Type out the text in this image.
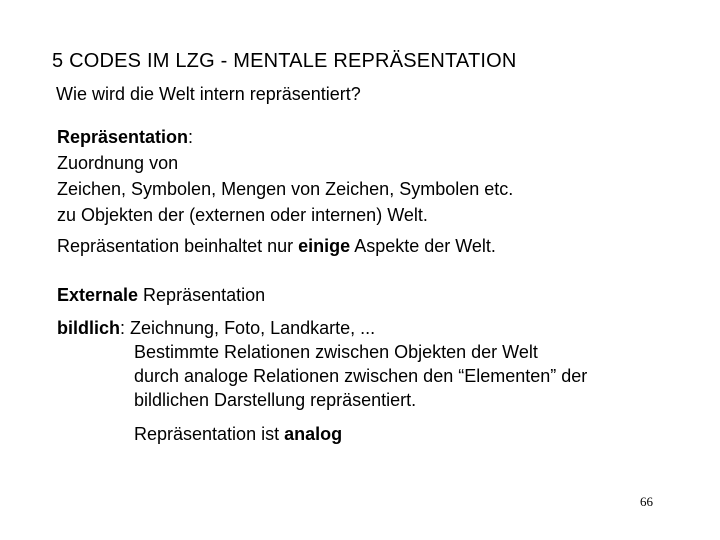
5 CODES IM LZG - MENTALE REPRÄSENTATION
Wie wird die Welt intern repräsentiert?
Repräsentation:
Zuordnung von
Zeichen, Symbolen, Mengen von Zeichen, Symbolen etc.
zu Objekten der (externen oder internen) Welt.
Repräsentation beinhaltet nur einige Aspekte der Welt.
Externale Repräsentation
bildlich: Zeichnung, Foto, Landkarte, ...
Bestimmte Relationen zwischen Objekten der Welt
durch analoge Relationen zwischen den “Elementen” der
bildlichen Darstellung repräsentiert.
Repräsentation ist analog
66
